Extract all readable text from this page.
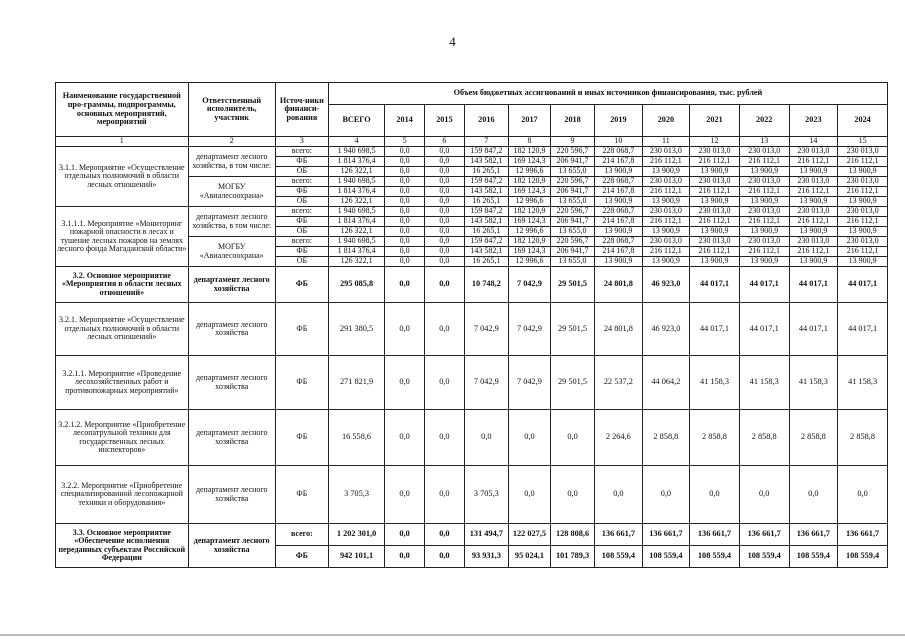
4
Наименование государственной про-граммы, подпрограммы, основных мероприятий, мероприятий	Ответственный исполнитель, участник	Источ-ники финанси-рования	Объем бюджетных ассигнований и иных источников финансирования, тыс. рублей											
			ВСЕГО	2014	2015	2016	2017	2018	2019	2020	2021	2022	2023	2024
1	2	3	4	5	6	7	8	9	10	11	12	13	14	15
3.1.1. Мероприятие «Осуществление отдельных полномочий в области лесных отношений»	департамент лесного хозяйства, в том числе:	всего:	1 940 698,5	0,0	0,0	159 847,2	182 120,9	220 596,7	228 068,7	230 013,0	230 013,0	230 013,0	230 013,0	230 013,0
		ФБ	1 814 376,4	0,0	0,0	143 582,1	169 124,3	206 941,7	214 167,8	216 112,1	216 112,1	216 112,1	216 112,1	216 112,1
		ОБ	126 322,1	0,0	0,0	16 265,1	12 996,6	13 655,0	13 900,9	13 900,9	13 900,9	13 900,9	13 900,9	13 900,9
	МОГБУ «Авиалесоохрана»	всего:	1 940 698,5	0,0	0,0	159 847,2	182 120,9	220 596,7	228 068,7	230 013,0	230 013,0	230 013,0	230 013,0	230 013,0
		ФБ	1 814 376,4	0,0	0,0	143 582,1	169 124,3	206 941,7	214 167,8	216 112,1	216 112,1	216 112,1	216 112,1	216 112,1
		ОБ	126 322,1	0,0	0,0	16 265,1	12 996,6	13 655,0	13 900,9	13 900,9	13 900,9	13 900,9	13 900,9	13 900,9
3.1.1.1. Мероприятие «Мониторинг пожарной опасности в лесах и тушение лесных пожаров на землях лесного фонда Магаданской области»	департамент лесного хозяйства, в том числе:	всего:	1 940 698,5	0,0	0,0	159 847,2	182 120,9	220 596,7	228 068,7	230 013,0	230 013,0	230 013,0	230 013,0	230 013,0
		ФБ	1 814 376,4	0,0	0,0	143 582,1	169 124,3	206 941,7	214 167,8	216 112,1	216 112,1	216 112,1	216 112,1	216 112,1
		ОБ	126 322,1	0,0	0,0	16 265,1	12 996,6	13 655,0	13 900,9	13 900,9	13 900,9	13 900,9	13 900,9	13 900,9
	МОГБУ «Авиалесоохрана»	всего:	1 940 698,5	0,0	0,0	159 847,2	182 120,9	220 596,7	228 068,7	230 013,0	230 013,0	230 013,0	230 013,0	230 013,0
		ФБ	1 814 376,4	0,0	0,0	143 582,1	169 124,3	206 941,7	214 167,8	216 112,1	216 112,1	216 112,1	216 112,1	216 112,1
		ОБ	126 322,1	0,0	0,0	16 265,1	12 996,6	13 655,0	13 900,9	13 900,9	13 900,9	13 900,9	13 900,9	13 900,9
3.2. Основное мероприятие «Мероприятия в области лесных отношений»	департамент лесного хозяйства	ФБ	295 085,8	0,0	0,0	10 748,2	7 042,9	29 501,5	24 801,8	46 923,0	44 017,1	44 017,1	44 017,1	44 017,1
3.2.1. Мероприятие «Осуществление отдельных полномочий в области лесных отношений»	департамент лесного хозяйства	ФБ	291 380,5	0,0	0,0	7 042,9	7 042,9	29 501,5	24 801,8	46 923,0	44 017,1	44 017,1	44 017,1	44 017,1
3.2.1.1. Мероприятие «Проведение лесохозяйственных работ и противопожарных мероприятий»	департамент лесного хозяйства	ФБ	271 821,9	0,0	0,0	7 042,9	7 042,9	29 501,5	22 537,2	44 064,2	41 158,3	41 158,3	41 158,3	41 158,3
3.2.1.2. Мероприятие «Приобретение лесопатрульной техники для государственных лесных инспекторов»	департамент лесного хозяйства	ФБ	16 558,6	0,0	0,0	0,0	0,0	0,0	2 264,6	2 858,8	2 858,8	2 858,8	2 858,8	2 858,8
3.2.2. Мероприятие «Приобретение специализированной лесопожарной техники и оборудования»	департамент лесного хозяйства	ФБ	3 705,3	0,0	0,0	3 705,3	0,0	0,0	0,0	0,0	0,0	0,0	0,0	0,0
3.3. Основное мероприятие «Обеспечение исполнения переданных субъектам Российской Федерации	департамент лесного хозяйства	всего:	1 202 301,0	0,0	0,0	131 494,7	122 027,5	128 808,6	136 661,7	136 661,7	136 661,7	136 661,7	136 661,7	136 661,7
		ФБ	942 101,1	0,0	0,0	93 931,3	95 024,1	101 789,3	108 559,4	108 559,4	108 559,4	108 559,4	108 559,4	108 559,4
